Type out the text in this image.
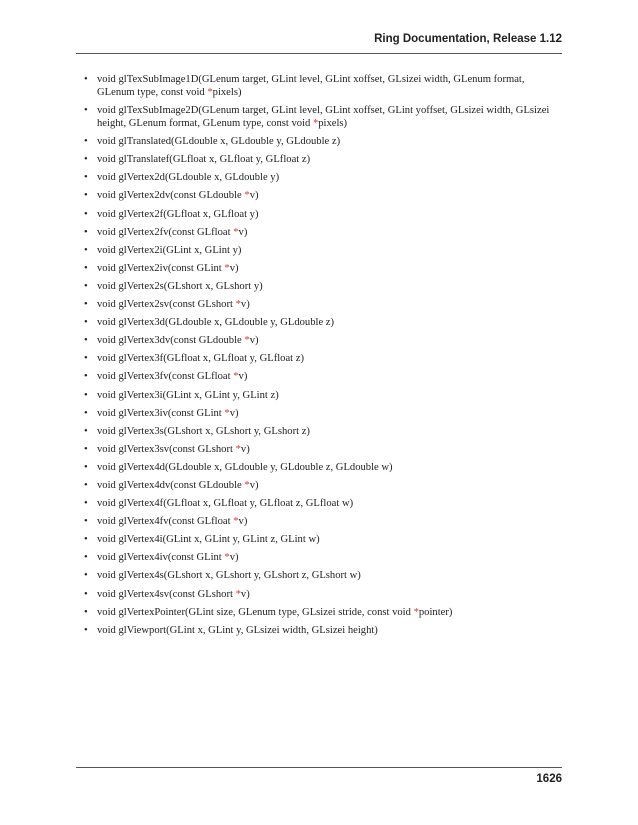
Ring Documentation, Release 1.12
• void glTexSubImage1D(GLenum target, GLint level, GLint xoffset, GLsizei width, GLenum format, GLenum type, const void *pixels)
• void glTexSubImage2D(GLenum target, GLint level, GLint xoffset, GLint yoffset, GLsizei width, GLsizei height, GLenum format, GLenum type, const void *pixels)
• void glTranslated(GLdouble x, GLdouble y, GLdouble z)
• void glTranslatef(GLfloat x, GLfloat y, GLfloat z)
• void glVertex2d(GLdouble x, GLdouble y)
• void glVertex2dv(const GLdouble *v)
• void glVertex2f(GLfloat x, GLfloat y)
• void glVertex2fv(const GLfloat *v)
• void glVertex2i(GLint x, GLint y)
• void glVertex2iv(const GLint *v)
• void glVertex2s(GLshort x, GLshort y)
• void glVertex2sv(const GLshort *v)
• void glVertex3d(GLdouble x, GLdouble y, GLdouble z)
• void glVertex3dv(const GLdouble *v)
• void glVertex3f(GLfloat x, GLfloat y, GLfloat z)
• void glVertex3fv(const GLfloat *v)
• void glVertex3i(GLint x, GLint y, GLint z)
• void glVertex3iv(const GLint *v)
• void glVertex3s(GLshort x, GLshort y, GLshort z)
• void glVertex3sv(const GLshort *v)
• void glVertex4d(GLdouble x, GLdouble y, GLdouble z, GLdouble w)
• void glVertex4dv(const GLdouble *v)
• void glVertex4f(GLfloat x, GLfloat y, GLfloat z, GLfloat w)
• void glVertex4fv(const GLfloat *v)
• void glVertex4i(GLint x, GLint y, GLint z, GLint w)
• void glVertex4iv(const GLint *v)
• void glVertex4s(GLshort x, GLshort y, GLshort z, GLshort w)
• void glVertex4sv(const GLshort *v)
• void glVertexPointer(GLint size, GLenum type, GLsizei stride, const void *pointer)
• void glViewport(GLint x, GLint y, GLsizei width, GLsizei height)
1626
